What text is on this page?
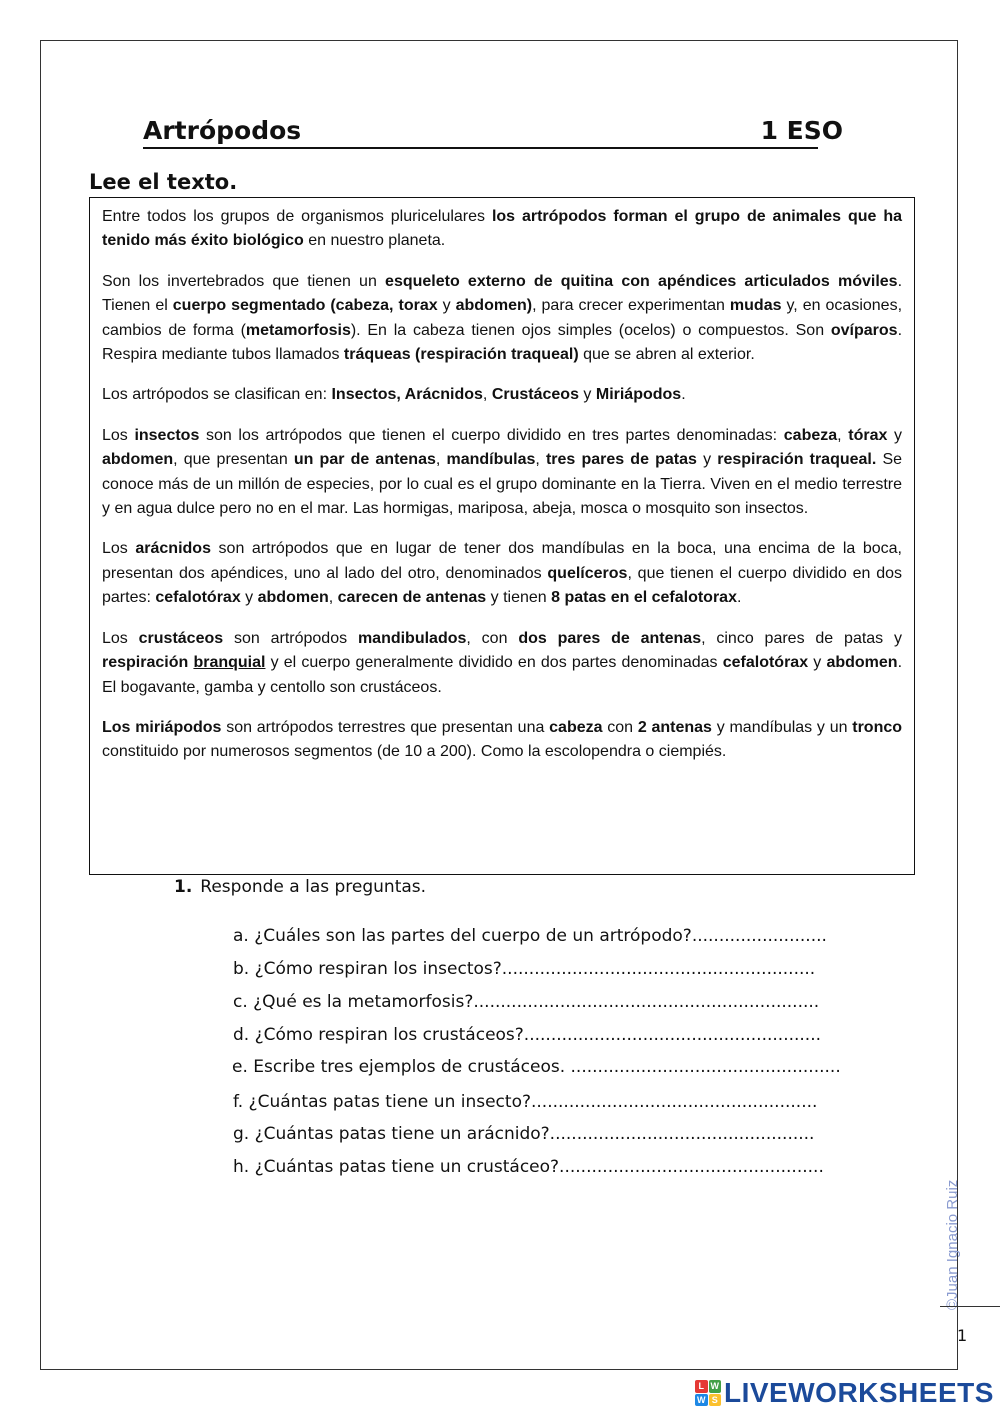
Artrópodos	1 ESO
Lee el texto.

Entre todos los grupos de organismos pluricelulares los artrópodos forman el grupo de animales que ha tenido más éxito biológico en nuestro planeta.

Son los invertebrados que tienen un esqueleto externo de quitina con apéndices articulados móviles. Tienen el cuerpo segmentado (cabeza, torax y abdomen), para crecer experimentan mudas y, en ocasiones, cambios de forma (metamorfosis). En la cabeza tienen ojos simples (ocelos) o compuestos. Son ovíparos. Respira mediante tubos llamados tráqueas (respiración traqueal) que se abren al exterior.

Los artrópodos se clasifican en: Insectos, Arácnidos, Crustáceos y Miriápodos.

Los insectos son los artrópodos que tienen el cuerpo dividido en tres partes denominadas: cabeza, tórax y abdomen, que presentan un par de antenas, mandíbulas, tres pares de patas y respiración traqueal. Se conoce más de un millón de especies, por lo cual es el grupo dominante en la Tierra. Viven en el medio terrestre y en agua dulce pero no en el mar. Las hormigas, mariposa, abeja, mosca o mosquito son insectos.

Los arácnidos son artrópodos que en lugar de tener dos mandíbulas en la boca, una encima de la boca, presentan dos apéndices, uno al lado del otro, denominados quelíceros, que tienen el cuerpo dividido en dos partes: cefalotórax y abdomen, carecen de antenas y tienen 8 patas en el cefalotorax.

Los crustáceos son artrópodos mandibulados, con dos pares de antenas, cinco pares de patas y respiración branquial y el cuerpo generalmente dividido en dos partes denominadas cefalotórax y abdomen. El bogavante, gamba y centollo son crustáceos.

Los miriápodos son artrópodos terrestres que presentan una cabeza con 2 antenas y mandíbulas y un tronco constituido por numerosos segmentos (de 10 a 200). Como la escolopendra o ciempiés.

1. Responde a las preguntas.
a. ¿Cuáles son las partes del cuerpo de un artrópodo?.........................
b. ¿Cómo respiran los insectos?..........................................................
c. ¿Qué es la metamorfosis?................................................................
d. ¿Cómo respiran los crustáceos?.......................................................
e. Escribe tres ejemplos de crustáceos. ..................................................
f. ¿Cuántas patas tiene un insecto?.....................................................
g. ¿Cuántas patas tiene un arácnido?.................................................
h. ¿Cuántas patas tiene un crustáceo?.................................................
©Juan Ignacio Ruiz
1
L W
W S LIVEWORKSHEETS
